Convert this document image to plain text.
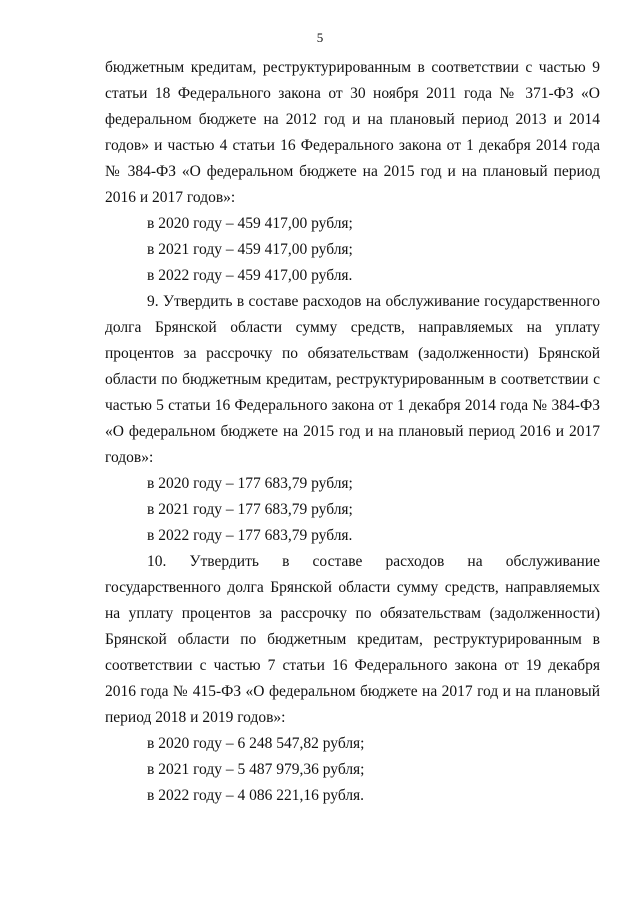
5

бюджетным кредитам, реструктурированным в соответствии с частью 9 статьи 18 Федерального закона от 30 ноября 2011 года № 371-ФЗ «О федеральном бюджете на 2012 год и на плановый период 2013 и 2014 годов» и частью 4 статьи 16 Федерального закона от 1 декабря 2014 года № 384-ФЗ «О федеральном бюджете на 2015 год и на плановый период 2016 и 2017 годов»:

в 2020 году – 459 417,00 рубля;

в 2021 году – 459 417,00 рубля;

в 2022 году – 459 417,00 рубля.

9. Утвердить в составе расходов на обслуживание государственного долга Брянской области сумму средств, направляемых на уплату процентов за рассрочку по обязательствам (задолженности) Брянской области по бюджетным кредитам, реструктурированным в соответствии с частью 5 статьи 16 Федерального закона от 1 декабря 2014 года № 384-ФЗ «О федеральном бюджете на 2015 год и на плановый период 2016 и 2017 годов»:

в 2020 году – 177 683,79 рубля;

в 2021 году – 177 683,79 рубля;

в 2022 году – 177 683,79 рубля.

10. Утвердить в составе расходов на обслуживание государственного долга Брянской области сумму средств, направляемых на уплату процентов за рассрочку по обязательствам (задолженности) Брянской области по бюджетным кредитам, реструктурированным в соответствии с частью 7 статьи 16 Федерального закона от 19 декабря 2016 года № 415-ФЗ «О федеральном бюджете на 2017 год и на плановый период 2018 и 2019 годов»:

в 2020 году – 6 248 547,82 рубля;

в 2021 году – 5 487 979,36 рубля;

в 2022 году – 4 086 221,16 рубля.
